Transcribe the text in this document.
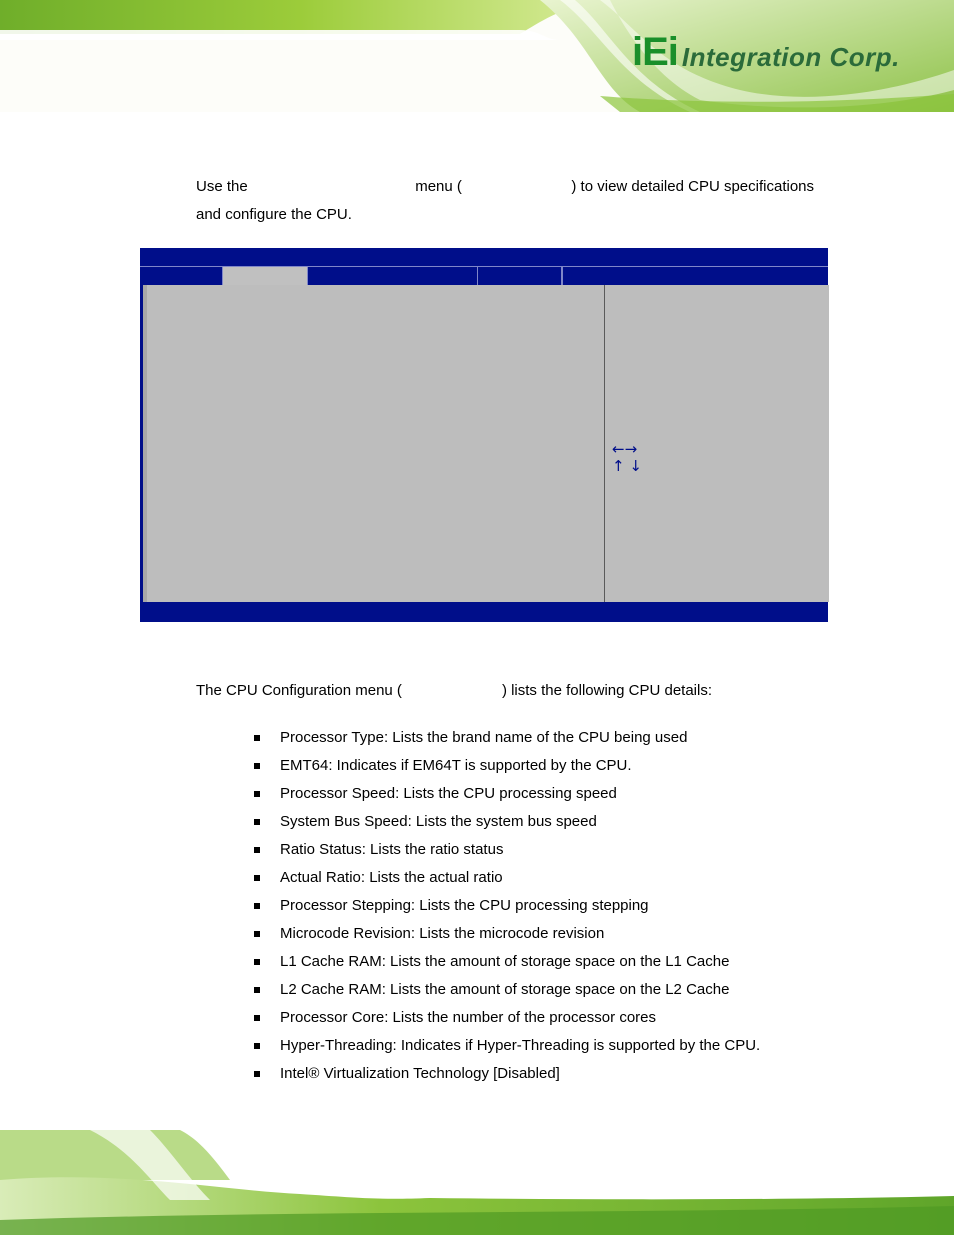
iEi Integration Corp.
Use the	menu (	) to view detailed CPU specifications
and configure the CPU.
←→
↑ ↓
The CPU Configuration menu (	) lists the following CPU details:
Processor Type: Lists the brand name of the CPU being used
EMT64: Indicates if EM64T is supported by the CPU.
Processor Speed: Lists the CPU processing speed
System Bus Speed: Lists the system bus speed
Ratio Status: Lists the ratio status
Actual Ratio: Lists the actual ratio
Processor Stepping: Lists the CPU processing stepping
Microcode Revision: Lists the microcode revision
L1 Cache RAM: Lists the amount of storage space on the L1 Cache
L2 Cache RAM: Lists the amount of storage space on the L2 Cache
Processor Core: Lists the number of the processor cores
Hyper-Threading: Indicates if Hyper-Threading is supported by the CPU.
Intel® Virtualization Technology [Disabled]
